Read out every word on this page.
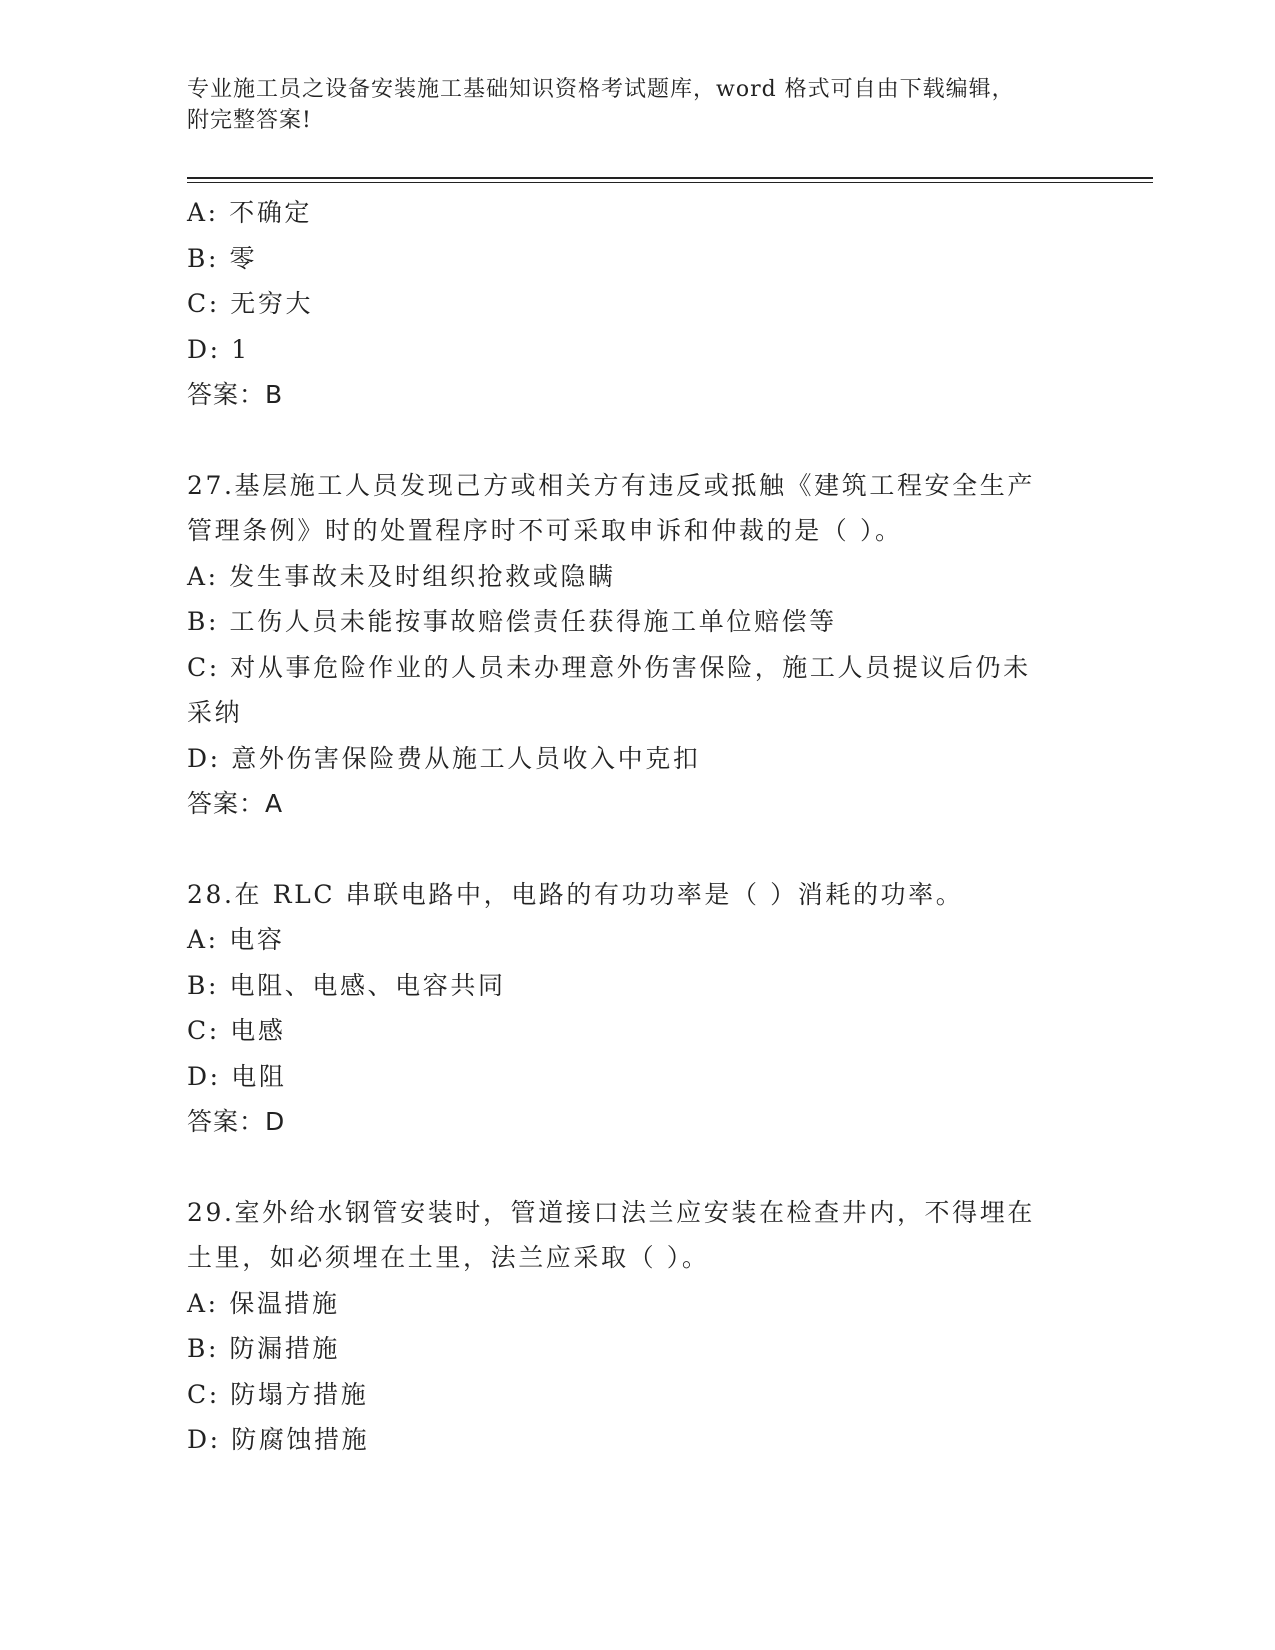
专业施工员之设备安装施工基础知识资格考试题库，word 格式可自由下载编辑，
附完整答案!
A: 不确定
B: 零
C: 无穷大
D: 1
答案：B
27.基层施工人员发现己方或相关方有违反或抵触《建筑工程安全生产
管理条例》时的处置程序时不可采取申诉和仲裁的是（ ）。
A: 发生事故未及时组织抢救或隐瞒
B: 工伤人员未能按事故赔偿责任获得施工单位赔偿等
C: 对从事危险作业的人员未办理意外伤害保险，施工人员提议后仍未
采纳
D: 意外伤害保险费从施工人员收入中克扣
答案：A
28.在 RLC 串联电路中，电路的有功功率是（ ）消耗的功率。
A: 电容
B: 电阻、电感、电容共同
C: 电感
D: 电阻
答案：D
29.室外给水钢管安装时，管道接口法兰应安装在检查井内，不得埋在
土里，如必须埋在土里，法兰应采取（ ）。
A: 保温措施
B: 防漏措施
C: 防塌方措施
D: 防腐蚀措施
